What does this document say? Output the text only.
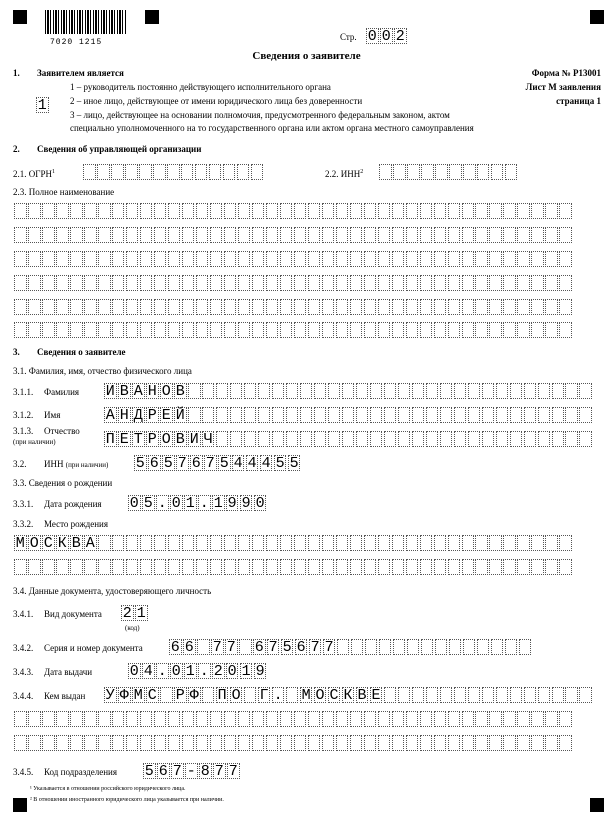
7020 1215
Стр. 0 0 2
Сведения о заявителе
1. Заявителем является	Форма № Р13001
Лист М заявления
страница 1
1
1 – руководитель постоянно действующего исполнительного органа
2 – иное лицо, действующее от имени юридического лица без доверенности
3 – лицо, действующее на основании полномочия, предусмотренного федеральным законом, актом
специально уполномоченного на то государственного органа или актом органа местного самоуправления
2. Сведения об управляющей организации
2.1. ОГРН$^1$	2.2. ИНН$^2$
2.3. Полное наименование
3. Сведения о заявителе
3.1. Фамилия, имя, отчество физического лица
3.1.1. Фамилия И В А Н О В
3.1.2. Имя	А Н Д Р Е Й
3.1.3. Отчество
(при наличии)	П Е Т Р О В И Ч
3.2. ИНН (при наличии) 5 6 5 7 6 7 5 4 4 4 5 5
3.3. Сведения о рождении
3.3.1. Дата рождения 0 5 . 0 1 . 1 9 9 0
3.3.2. Место рождения
М О С К В А
3.4. Данные документа, удостоверяющего личность
3.4.1. Вид документа 2 1
(код)
3.4.2. Серия и номер документа 6 6 7 7 6 7 5 6 7 7
3.4.3. Дата выдачи	0 4 . 0 1 . 2 0 1 9
3.4.4. Кем выдан У Ф М С Р Ф П О Г . М О С К В Е
3.4.5. Код подразделения 5 6 7 - 8 7 7
¹ Указывается в отношении российского юридического лица.
² В отношении иностранного юридического лица указывается при наличии.
